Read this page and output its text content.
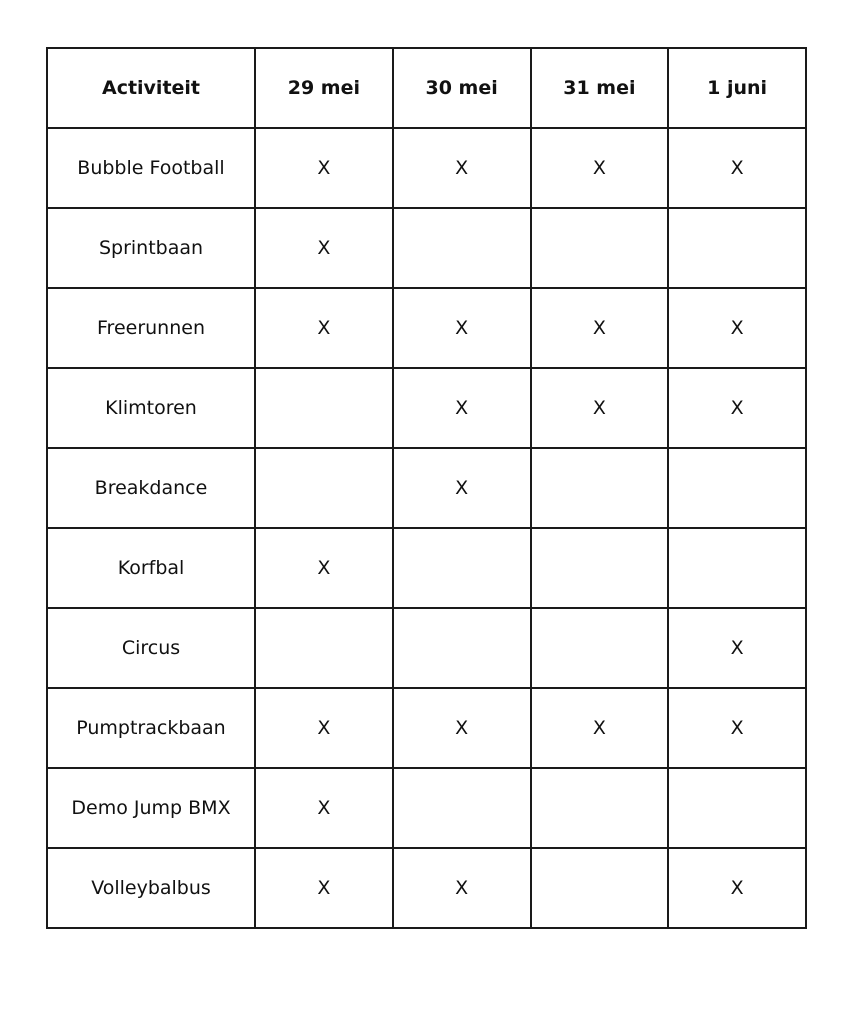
Activiteit	29 mei	30 mei	31 mei	1 juni
Bubble Football	X	X	X	X
Sprintbaan	X			
Freerunnen	X	X	X	X
Klimtoren		X	X	X
Breakdance		X		
Korfbal	X			
Circus				X
Pumptrackbaan	X	X	X	X
Demo Jump BMX	X			
Volleybalbus	X	X		X
